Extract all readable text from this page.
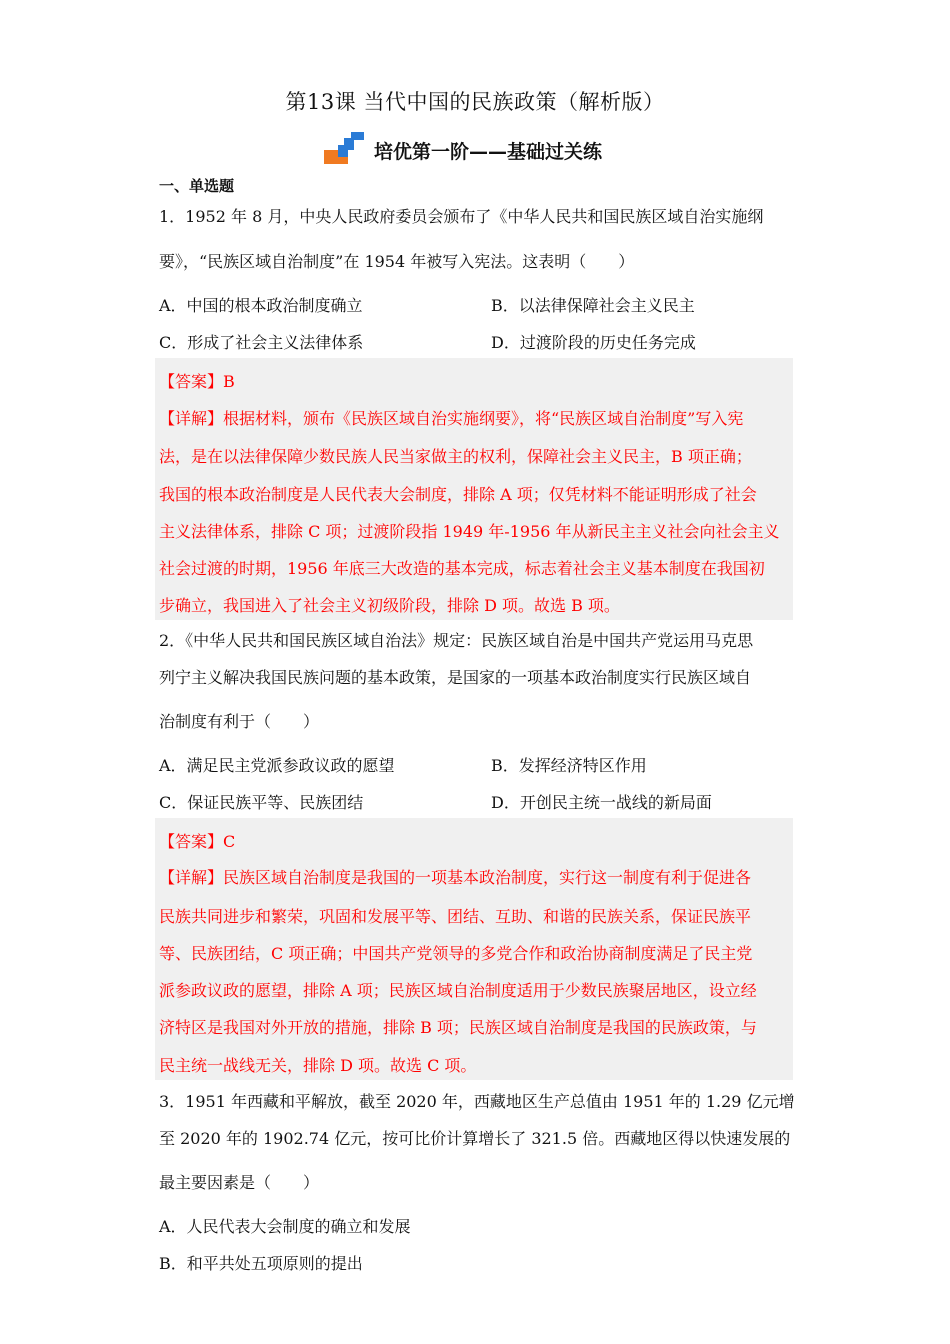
第13课 当代中国的民族政策（解析版）
培优第一阶——基础过关练
一、单选题
1．1952 年 8 月，中央人民政府委员会颁布了《中华人民共和国民族区域自治实施纲
要》，“民族区域自治制度”在 1954 年被写入宪法。这表明（　　）
A．中国的根本政治制度确立	B．以法律保障社会主义民主
C．形成了社会主义法律体系	D．过渡阶段的历史任务完成
【答案】B
【详解】根据材料，颁布《民族区域自治实施纲要》，将“民族区域自治制度”写入宪
法，是在以法律保障少数民族人民当家做主的权利，保障社会主义民主，B 项正确；
我国的根本政治制度是人民代表大会制度，排除 A 项；仅凭材料不能证明形成了社会
主义法律体系，排除 C 项；过渡阶段指 1949 年-1956 年从新民主主义社会向社会主义
社会过渡的时期，1956 年底三大改造的基本完成，标志着社会主义基本制度在我国初
步确立，我国进入了社会主义初级阶段，排除 D 项。故选 B 项。
2．《中华人民共和国民族区域自治法》规定：民族区域自治是中国共产党运用马克思
列宁主义解决我国民族问题的基本政策，是国家的一项基本政治制度实行民族区域自
治制度有利于（　　）
A．满足民主党派参政议政的愿望	B．发挥经济特区作用
C．保证民族平等、民族团结	D．开创民主统一战线的新局面
【答案】C
【详解】民族区域自治制度是我国的一项基本政治制度，实行这一制度有利于促进各
民族共同进步和繁荣，巩固和发展平等、团结、互助、和谐的民族关系，保证民族平
等、民族团结，C 项正确；中国共产党领导的多党合作和政治协商制度满足了民主党
派参政议政的愿望，排除 A 项；民族区域自治制度适用于少数民族聚居地区，设立经
济特区是我国对外开放的措施，排除 B 项；民族区域自治制度是我国的民族政策，与
民主统一战线无关，排除 D 项。故选 C 项。
3．1951 年西藏和平解放，截至 2020 年，西藏地区生产总值由 1951 年的 1.29 亿元增
至 2020 年的 1902.74 亿元，按可比价计算增长了 321.5 倍。西藏地区得以快速发展的
最主要因素是（　　）
A．人民代表大会制度的确立和发展
B．和平共处五项原则的提出
